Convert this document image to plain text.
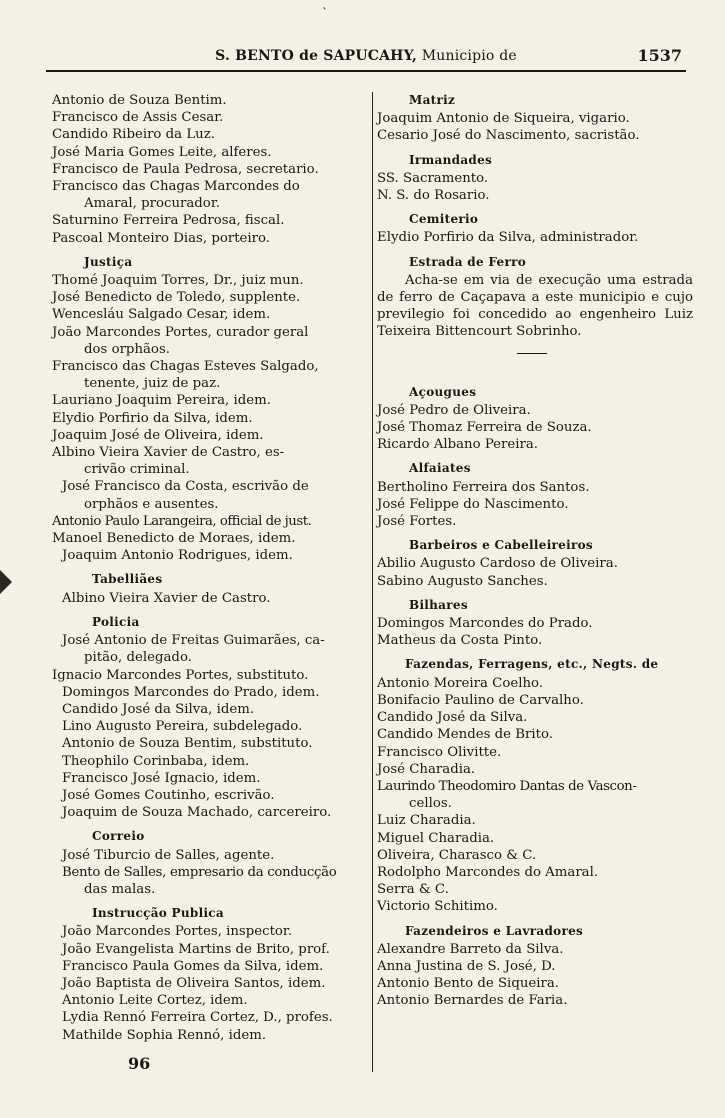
`
S. BENTO de SAPUCAHY, Municipio de	1537
Antonio de Souza Bentim.
Francisco de Assis Cesar.
Candido Ribeiro da Luz.
José Maria Gomes Leite, alferes.
Francisco de Paula Pedrosa, secretario.
Francisco das Chagas Marcondes do
Amaral, procurador.
Saturnino Ferreira Pedrosa, fiscal.
Pascoal Monteiro Dias, porteiro.
Justiça
Thomé Joaquim Torres, Dr., juiz mun.
José Benedicto de Toledo, supplente.
Wencesláu Salgado Cesar, idem.
João Marcondes Portes, curador geral
dos orphãos.
Francisco das Chagas Esteves Salgado,
tenente, juiz de paz.
Lauriano Joaquim Pereira, idem.
Elydio Porfirio da Silva, idem.
Joaquim José de Oliveira, idem.
Albino Vieira Xavier de Castro, es-
crivão criminal.
José Francisco da Costa, escrivão de
orphãos e ausentes.
Antonio Paulo Larangeira, official de just.
Manoel Benedicto de Moraes, idem.
Joaquim Antonio Rodrigues, idem.
Tabelliães
Albino Vieira Xavier de Castro.
Policia
José Antonio de Freitas Guimarães, ca-
pitão, delegado.
Ignacio Marcondes Portes, substituto.
Domingos Marcondes do Prado, idem.
Candido José da Silva, idem.
Lino Augusto Pereira, subdelegado.
Antonio de Souza Bentim, substituto.
Theophilo Corinbaba, idem.
Francisco José Ignacio, idem.
José Gomes Coutinho, escrivão.
Joaquim de Souza Machado, carcereiro.
Correio
José Tiburcio de Salles, agente.
Bento de Salles, empresario da conducção
das malas.
Instrucção Publica
João Marcondes Portes, inspector.
João Evangelista Martins de Brito, prof.
Francisco Paula Gomes da Silva, idem.
João Baptista de Oliveira Santos, idem.
Antonio Leite Cortez, idem.
Lydia Rennó Ferreira Cortez, D., profes.
Mathilde Sophia Rennó, idem.
Matriz
Joaquim Antonio de Siqueira, vigario.
Cesario José do Nascimento, sacristão.
Irmandades
SS. Sacramento.
N. S. do Rosario.
Cemiterio
Elydio Porfirio da Silva, administrador.
Estrada de Ferro
Acha-se em via de execução uma estrada de ferro de Caçapava a este municipio e cujo previlegio foi concedido ao engenheiro Luiz Teixeira Bittencourt Sobrinho.
Açougues
José Pedro de Oliveira.
José Thomaz Ferreira de Souza.
Ricardo Albano Pereira.
Alfaiates
Bertholino Ferreira dos Santos.
José Felippe do Nascimento.
José Fortes.
Barbeiros e Cabelleireiros
Abilio Augusto Cardoso de Oliveira.
Sabino Augusto Sanches.
Bilhares
Domingos Marcondes do Prado.
Matheus da Costa Pinto.
Fazendas, Ferragens, etc., Negts. de
Antonio Moreira Coelho.
Bonifacio Paulino de Carvalho.
Candido José da Silva.
Candido Mendes de Brito.
Francisco Olivitte.
José Charadia.
Laurindo Theodomiro Dantas de Vascon-
cellos.
Luiz Charadia.
Miguel Charadia.
Oliveira, Charasco & C.
Rodolpho Marcondes do Amaral.
Serra & C.
Victorio Schitimo.
Fazendeiros e Lavradores
Alexandre Barreto da Silva.
Anna Justina de S. José, D.
Antonio Bento de Siqueira.
Antonio Bernardes de Faria.
96
